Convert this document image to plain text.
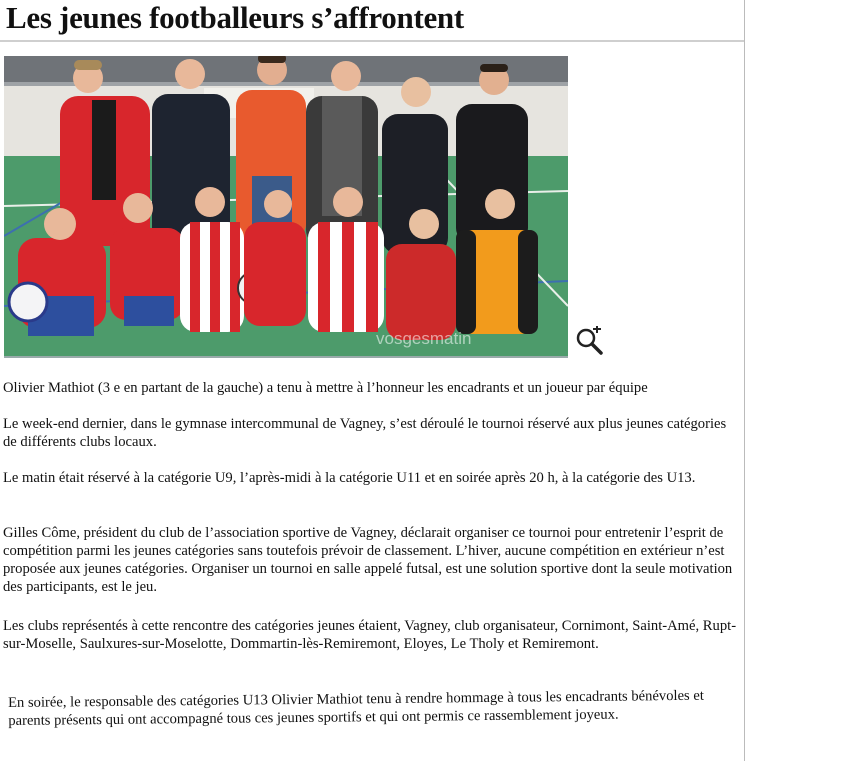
Les jeunes footballeurs s’affrontent
vosgesmatin

Olivier Mathiot (3 e en partant de la gauche) a tenu à mettre à l’honneur les encadrants et un joueur par équipe

Le week-end dernier, dans le gymnase intercommunal de Vagney, s’est déroulé le tournoi réservé aux plus jeunes catégories de différents clubs locaux.

Le matin était réservé à la catégorie U9, l’après-midi à la catégorie U11 et en soirée après 20 h, à la catégorie des U13.

Gilles Côme, président du club de l’association sportive de Vagney, déclarait organiser ce tournoi pour entretenir l’esprit de compétition parmi les jeunes catégories sans toutefois prévoir de classement. L’hiver, aucune compétition en extérieur n’est proposée aux jeunes catégories. Organiser un tournoi en salle appelé futsal, est une solution sportive dont la seule motivation des participants, est le jeu.

Les clubs représentés à cette rencontre des catégories jeunes étaient, Vagney, club organisateur, Cornimont, Saint-Amé, Rupt-sur-Moselle, Saulxures-sur-Moselotte, Dommartin-lès-Remiremont, Eloyes, Le Tholy et Remiremont.

En soirée, le responsable des catégories U13 Olivier Mathiot tenu à rendre hommage à tous les encadrants bénévoles et parents présents qui ont accompagné tous ces jeunes sportifs et qui ont permis ce rassemblement joyeux.
